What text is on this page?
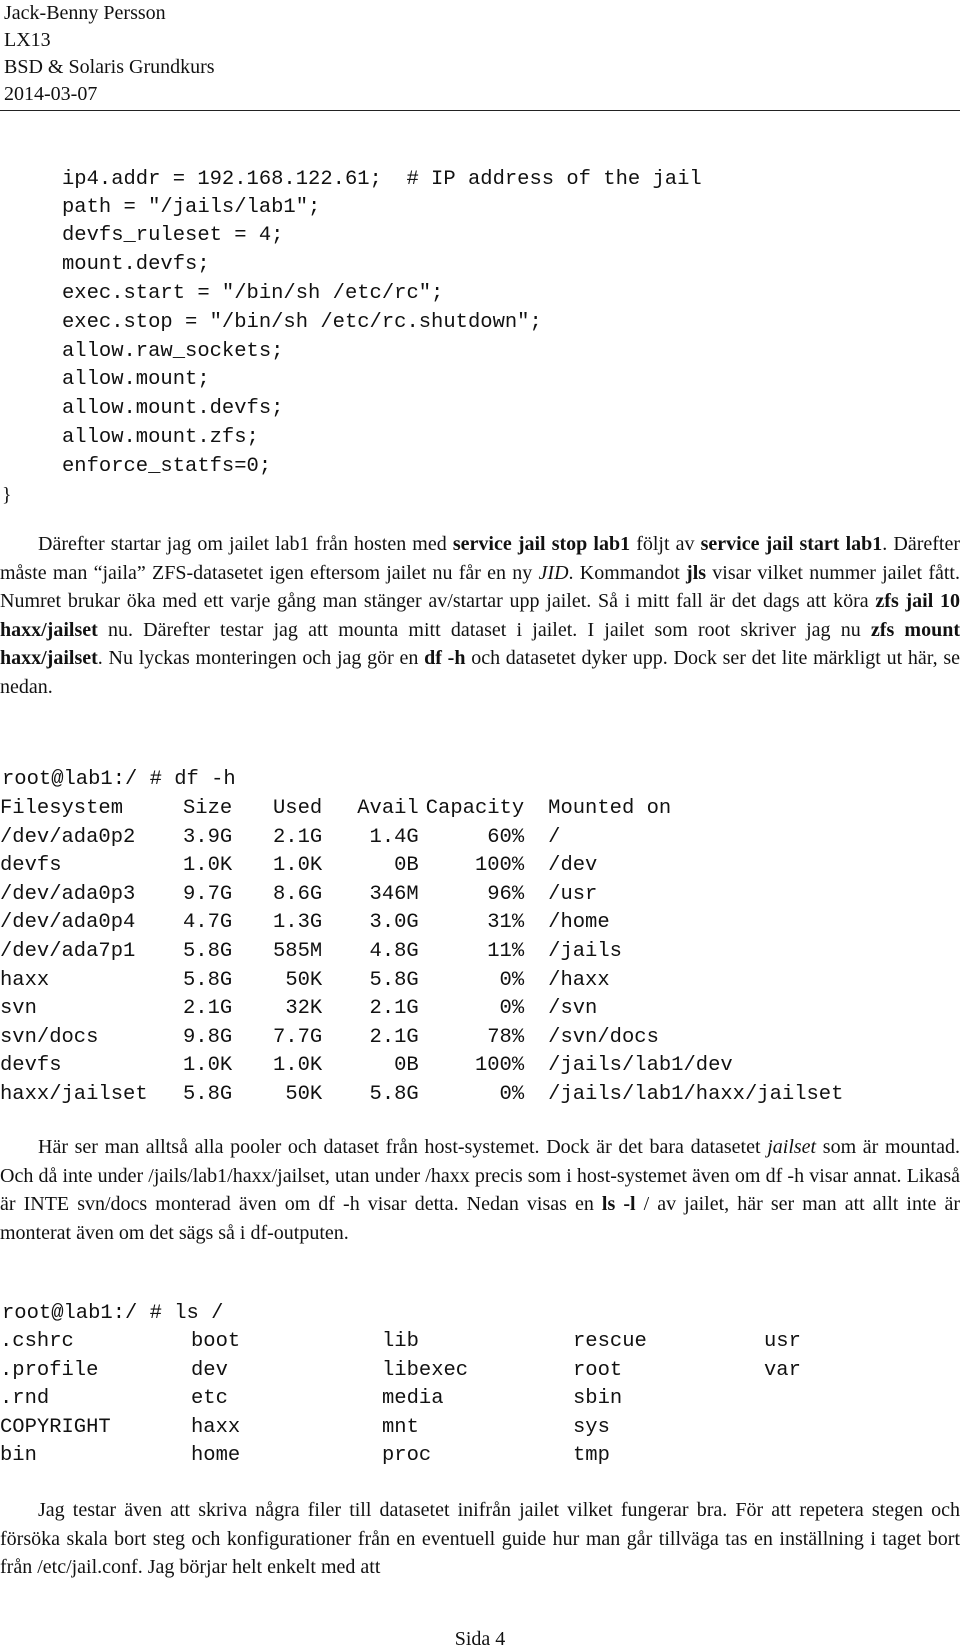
Jack-Benny Persson
LX13
BSD & Solaris Grundkurs
2014-03-07
ip4.addr = 192.168.122.61;  # IP address of the jail
path = "/jails/lab1";
devfs_ruleset = 4;
mount.devfs;
exec.start = "/bin/sh /etc/rc";
exec.stop = "/bin/sh /etc/rc.shutdown";
allow.raw_sockets;
allow.mount;
allow.mount.devfs;
allow.mount.zfs;
enforce_statfs=0;
}

Därefter startar jag om jailet lab1 från hosten med service jail stop lab1 följt av service jail start lab1. Därefter måste man “jaila” ZFS-datasetet igen eftersom jailet nu får en ny JID. Kommandot jls visar vilket nummer jailet fått. Numret brukar öka med ett varje gång man stänger av/startar upp jailet. Så i mitt fall är det dags att köra zfs jail 10 haxx/jailset nu. Därefter testar jag att mounta mitt dataset i jailet. I jailet som root skriver jag nu zfs mount haxx/jailset. Nu lyckas monteringen och jag gör en df -h och datasetet dyker upp. Dock ser det lite märkligt ut här, se nedan.

root@lab1:/ # df -h
Filesystem	Size	Used	Avail	Capacity	Mounted on
/dev/ada0p2	3.9G	2.1G	1.4G	60%	/
devfs	1.0K	1.0K	0B	100%	/dev
/dev/ada0p3	9.7G	8.6G	346M	96%	/usr
/dev/ada0p4	4.7G	1.3G	3.0G	31%	/home
/dev/ada7p1	5.8G	585M	4.8G	11%	/jails
haxx	5.8G	50K	5.8G	0%	/haxx
svn	2.1G	32K	2.1G	0%	/svn
svn/docs	9.8G	7.7G	2.1G	78%	/svn/docs
devfs	1.0K	1.0K	0B	100%	/jails/lab1/dev
haxx/jailset	5.8G	50K	5.8G	0%	/jails/lab1/haxx/jailset

Här ser man alltså alla pooler och dataset från host-systemet. Dock är det bara datasetet jailset som är mountad. Och då inte under /jails/lab1/haxx/jailset, utan under /haxx precis som i host-systemet även om df -h visar annat. Likaså är INTE svn/docs monterad även om df -h visar detta. Nedan visas en ls -l / av jailet, här ser man att allt inte är monterat även om det sägs så i df-outputen.

root@lab1:/ # ls /
.cshrc	boot	lib	rescue	usr
.profile	dev	libexec	root	var
.rnd	etc	media	sbin	
COPYRIGHT	haxx	mnt	sys	
bin	home	proc	tmp	

Jag testar även att skriva några filer till datasetet inifrån jailet vilket fungerar bra. För att repetera stegen och försöka skala bort steg och konfigurationer från en eventuell guide hur man går tillväga tas en inställning i taget bort från /etc/jail.conf. Jag börjar helt enkelt med att

Sida 4
